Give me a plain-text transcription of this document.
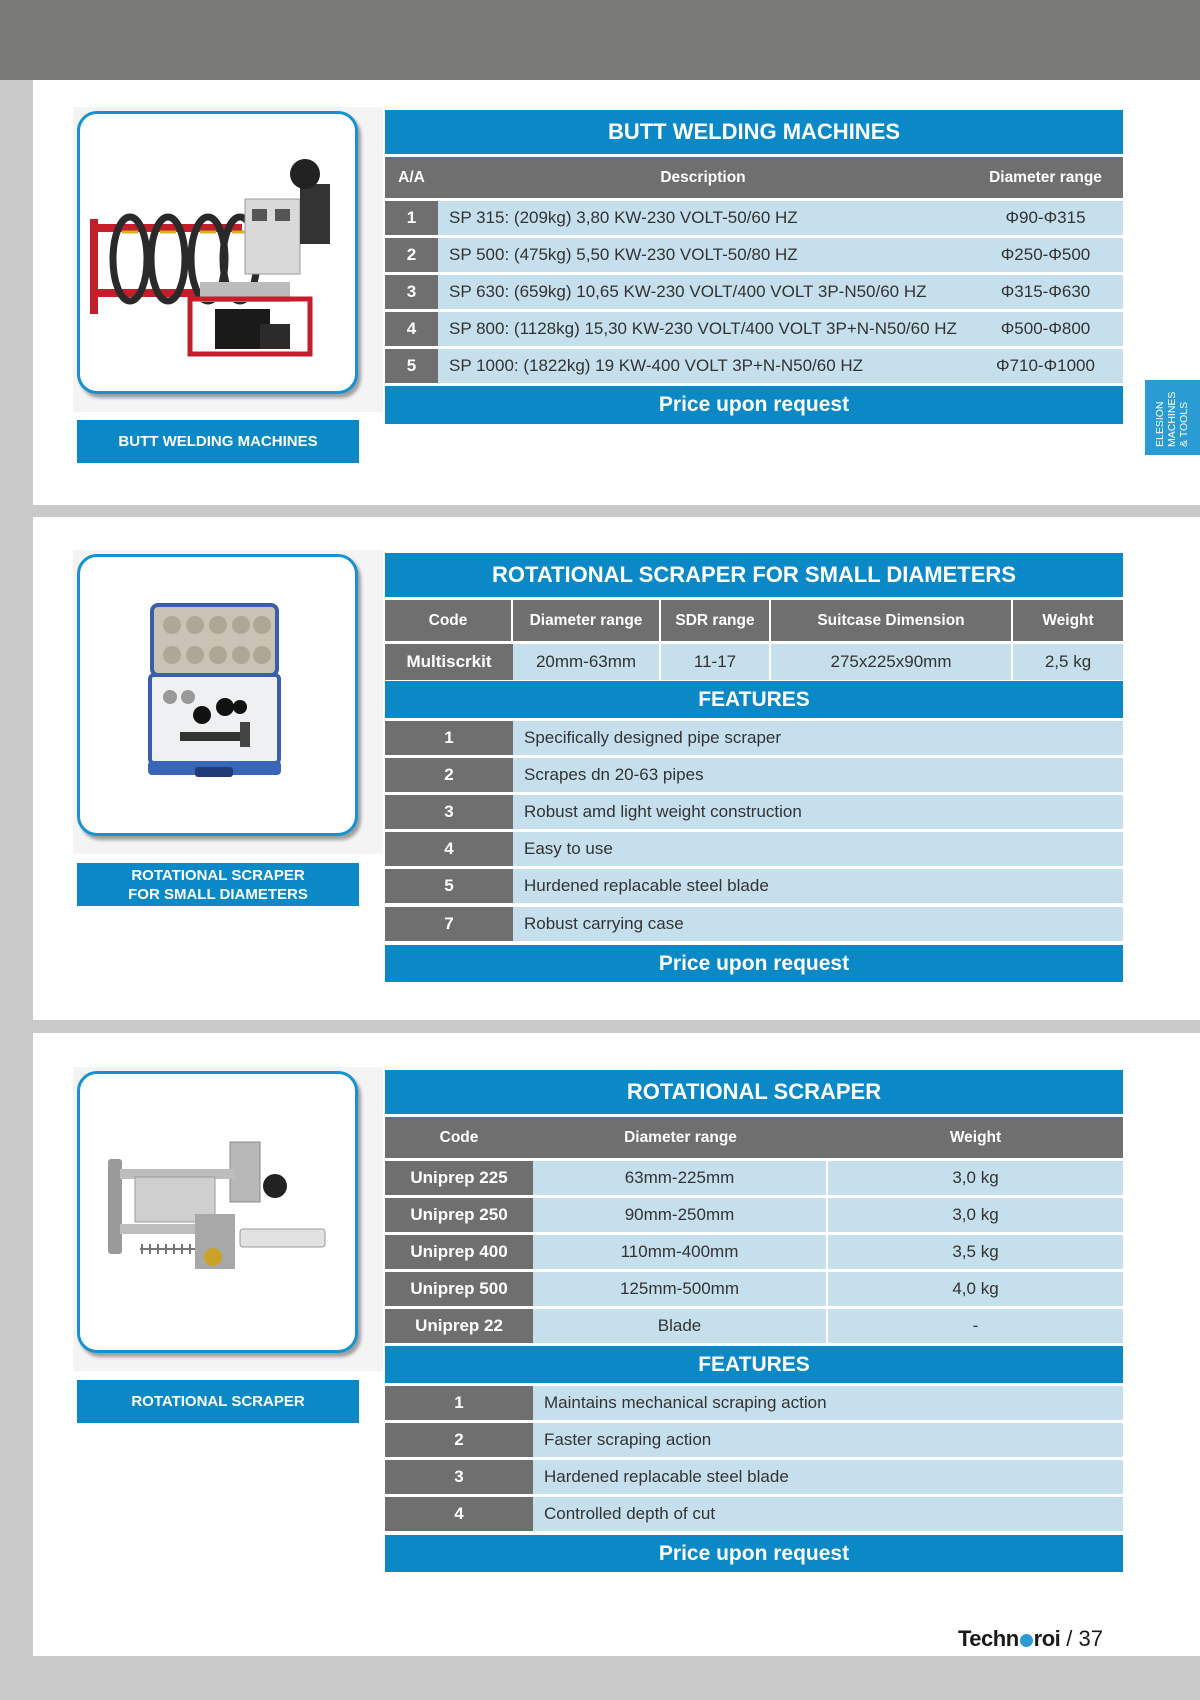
ELESION MACHINES & TOOLS
BUTT WELDING MACHINES
BUTT WELDING MACHINES
A/A	Description	Diameter range
1	SP 315: (209kg) 3,80 KW-230 VOLT-50/60 HZ	Φ90-Φ315
2	SP 500: (475kg) 5,50 KW-230 VOLT-50/80 HZ	Φ250-Φ500
3	SP 630: (659kg) 10,65 KW-230 VOLT/400 VOLT 3P-N50/60 HZ	Φ315-Φ630
4	SP 800: (1128kg) 15,30 KW-230 VOLT/400 VOLT 3P+N-N50/60 HZ	Φ500-Φ800
5	SP 1000: (1822kg) 19 KW-400 VOLT 3P+N-N50/60 HZ	Φ710-Φ1000
Price upon request
ROTATIONAL SCRAPER
FOR SMALL DIAMETERS
ROTATIONAL SCRAPER FOR SMALL DIAMETERS
Code	Diameter range	SDR range	Suitcase Dimension	Weight
Multiscrkit	20mm-63mm	11-17	275x225x90mm	2,5 kg
FEATURES
1	Specifically designed pipe scraper
2	Scrapes dn 20-63 pipes
3	Robust amd light weight construction
4	Easy to use
5	Hurdened replacable steel blade
7	Robust carrying case
Price upon request
ROTATIONAL SCRAPER
ROTATIONAL SCRAPER
Code	Diameter range	Weight
Uniprep 225	63mm-225mm	3,0 kg
Uniprep 250	90mm-250mm	3,0 kg
Uniprep 400	110mm-400mm	3,5 kg
Uniprep 500	125mm-500mm	4,0 kg
Uniprep 22	Blade	-
FEATURES
1	Maintains mechanical scraping action
2	Faster scraping action
3	Hardened replacable steel blade
4	Controlled depth of cut
Price upon request
Techn roi / 37
